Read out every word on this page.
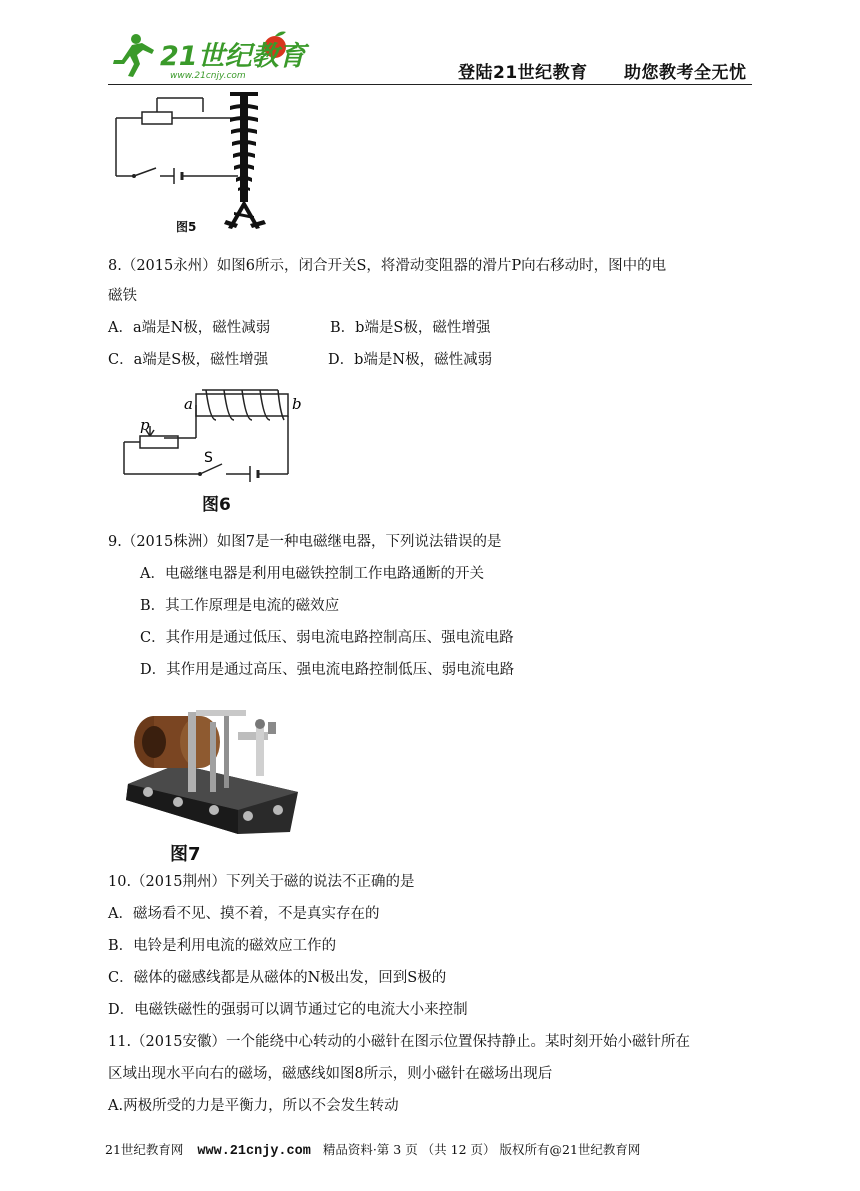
21世纪教育
www.21cnjy.com	登陆21世纪教育 助您教考全无忧
图5
8.（2015永州）如图6所示，闭合开关S，将滑动变阻器的滑片P向右移动时，图中的电
磁铁
A．a端是N极，磁性减弱	B．b端是S极，磁性增强
C．a端是S极，磁性增强	D．b端是N极，磁性减弱
a	b
p
S
图6
9.（2015株洲）如图7是一种电磁继电器，下列说法错误的是
A．电磁继电器是利用电磁铁控制工作电路通断的开关
B．其工作原理是电流的磁效应
C．其作用是通过低压、弱电流电路控制高压、强电流电路
D．其作用是通过高压、强电流电路控制低压、弱电流电路
图7
10.（2015荆州）下列关于磁的说法不正确的是
A．磁场看不见、摸不着，不是真实存在的
B．电铃是利用电流的磁效应工作的
C．磁体的磁感线都是从磁体的N极出发，回到S极的
D．电磁铁磁性的强弱可以调节通过它的电流大小来控制
11.（2015安徽）一个能绕中心转动的小磁针在图示位置保持静止。某时刻开始小磁针所在
区域出现水平向右的磁场，磁感线如图8所示，则小磁针在磁场出现后
A.两极所受的力是平衡力，所以不会发生转动
21世纪教育网 www.21cnjy.com 精品资料·第 3 页 （共 12 页） 版权所有@21世纪教育网
